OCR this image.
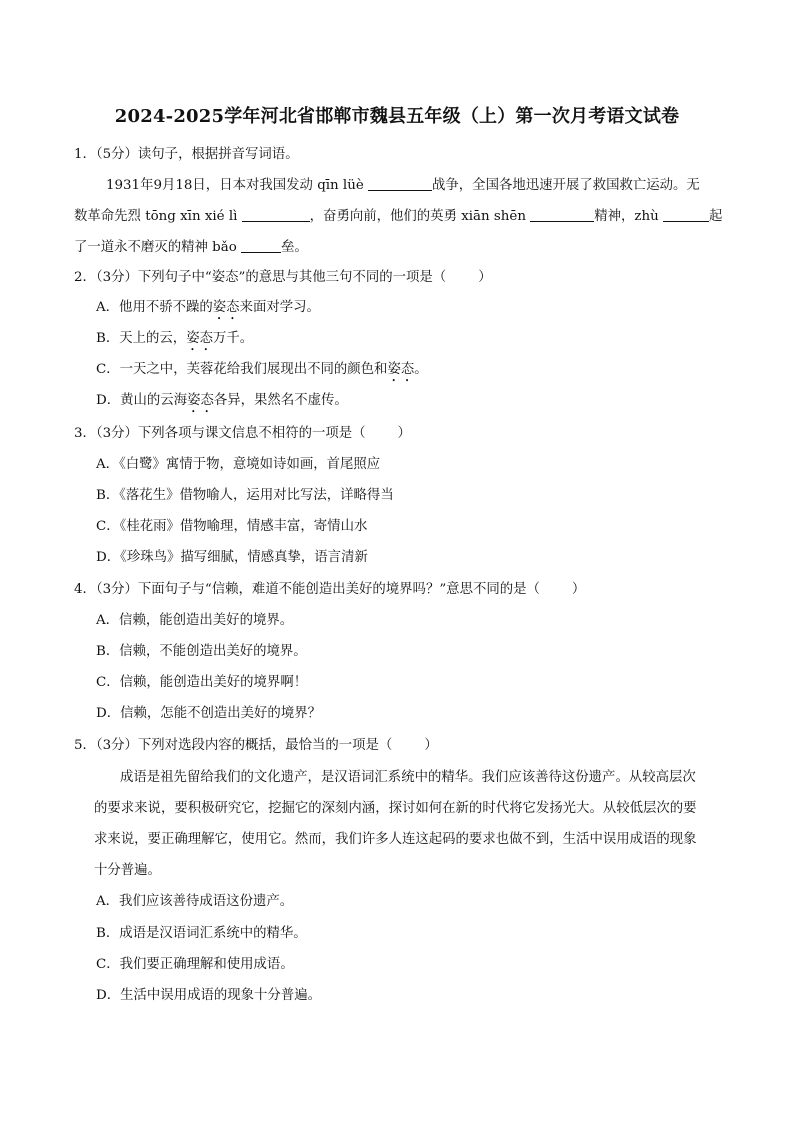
2024-2025学年河北省邯郸市魏县五年级（上）第一次月考语文试卷
1．（5分）读句子，根据拼音写词语。
1931年9月18日，日本对我国发动 qīn lüè	战争，全国各地迅速开展了救国救亡运动。无
数革命先烈 tōng xīn xié lì	，奋勇向前，他们的英勇 xiān shēn	精神，zhù	起
了一道永不磨灭的精神 bǎo	垒。
2．（3分）下列句子中“姿态”的意思与其他三句不同的一项是（ ）
A．他用不骄不躁的姿态来面对学习。
B．天上的云，姿态万千。
C．一天之中，芙蓉花给我们展现出不同的颜色和姿态。
D．黄山的云海姿态各异，果然名不虚传。
3．（3分）下列各项与课文信息不相符的一项是（ ）
A．《白鹭》寓情于物，意境如诗如画，首尾照应
B．《落花生》借物喻人，运用对比写法，详略得当
C．《桂花雨》借物喻理，情感丰富，寄情山水
D．《珍珠鸟》描写细腻，情感真挚，语言清新
4．（3分）下面句子与“信赖，难道不能创造出美好的境界吗？”意思不同的是（ ）
A．信赖，能创造出美好的境界。
B．信赖，不能创造出美好的境界。
C．信赖，能创造出美好的境界啊！
D．信赖，怎能不创造出美好的境界？
5．（3分）下列对选段内容的概括，最恰当的一项是（ ）
成语是祖先留给我们的文化遗产，是汉语词汇系统中的精华。我们应该善待这份遗产。从较高层次
的要求来说，要积极研究它，挖掘它的深刻内涵，探讨如何在新的时代将它发扬光大。从较低层次的要
求来说，要正确理解它，使用它。然而，我们许多人连这起码的要求也做不到，生活中误用成语的现象
十分普遍。
A．我们应该善待成语这份遗产。
B．成语是汉语词汇系统中的精华。
C．我们要正确理解和使用成语。
D．生活中误用成语的现象十分普遍。
